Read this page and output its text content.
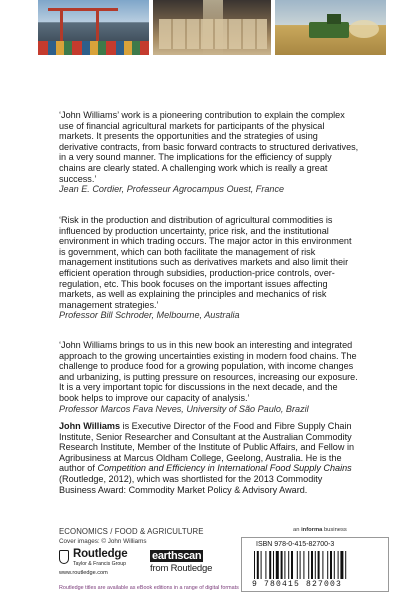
‘John Williams’ work is a pioneering contribution to explain the complex use of financial agricultural markets for participants of the physical markets. It presents the opportunities and the strategies of using derivative contracts, from basic forward contracts to structured derivatives, in a very sound manner. The implications for the efficiency of supply chains are clearly stated. A challenging work which is really a great success.’

Jean E. Cordier, Professeur Agrocampus Ouest, France

‘Risk in the production and distribution of agricultural commodities is influenced by production uncertainty, price risk, and the institutional environment in which trading occurs. The major actor in this environment is government, which can both facilitate the management of risk management institutions such as derivatives markets and also limit their efficient operation through subsidies, production-price controls, over-regulation, etc. This book focuses on the important issues affecting markets, as well as explaining the principles and mechanics of risk management strategies.’

Professor Bill Schroder, Melbourne, Australia

‘John Williams brings to us in this new book an interesting and integrated approach to the growing uncertainties existing in modern food chains. The challenge to produce food for a growing population, with income changes and urbanizing, is putting pressure on resources, increasing our exposure. It is a very important topic for discussions in the next decade, and the book helps to improve our capacity of analysis.’

Professor Marcos Fava Neves, University of São Paulo, Brazil

John Williams is Executive Director of the Food and Fibre Supply Chain Institute, Senior Researcher and Consultant at the Australian Commodity Research Institute, Member of the Institute of Public Affairs, and Fellow in Agribusiness at Marcus Oldham College, Geelong, Australia. He is the author of Competition and Efficiency in International Food Supply Chains (Routledge, 2012), which was shortlisted for the 2013 Commodity Business Award: Commodity Market Policy & Advisory Award.

ECONOMICS / FOOD & AGRICULTURE
Cover images: © John Williams
an informa business
Routledge
Taylor & Francis Group
www.routledge.com
earthscan
from Routledge
ISBN 978-0-415-82700-3
9 780415 827003
Routledge titles are available as eBook editions in a range of digital formats
